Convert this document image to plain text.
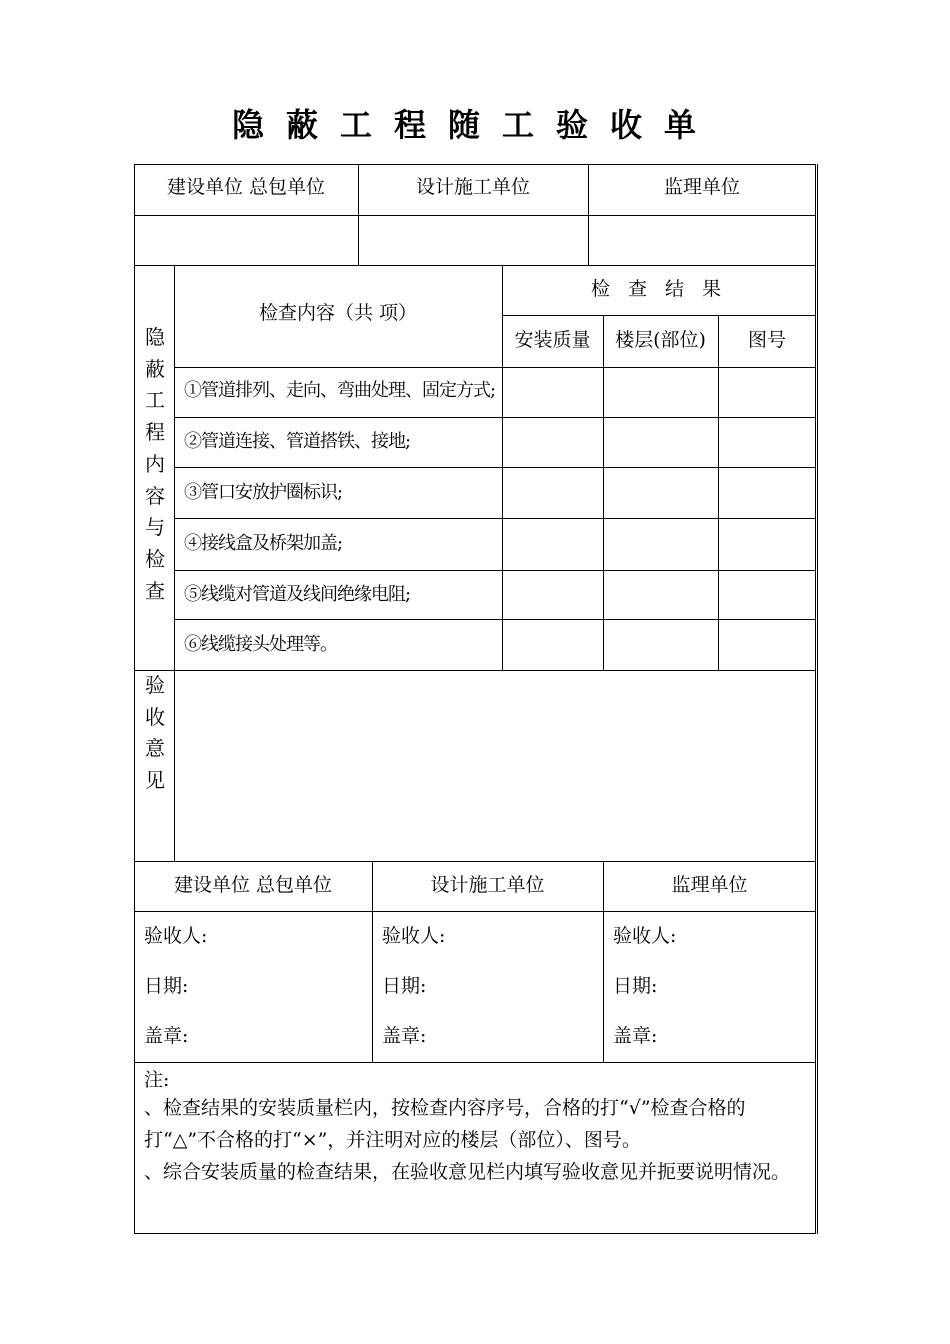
隐蔽工程随工验收单
建设单位 总包单位	设计施工单位	监理单位
隐蔽工程内容与检查
检查内容（共 项）
检 查 结 果
安装质量	楼层(部位)	图号
①管道排列、走向、弯曲处理、固定方式;
②管道连接、管道搭铁、接地;
③管口安放护圈标识;
④接线盒及桥架加盖;
⑤线缆对管道及线间绝缘电阻;
⑥线缆接头处理等。
验收意见
建设单位 总包单位	设计施工单位	监理单位
验收人:
日期:
盖章:
验收人:
日期:
盖章:
验收人:
日期:
盖章:
注:
、检查结果的安装质量栏内，按检查内容序号，合格的打“√”检查合格的打“△”不合格的打“×”，并注明对应的楼层（部位）、图号。
、综合安装质量的检查结果，在验收意见栏内填写验收意见并扼要说明情况。
